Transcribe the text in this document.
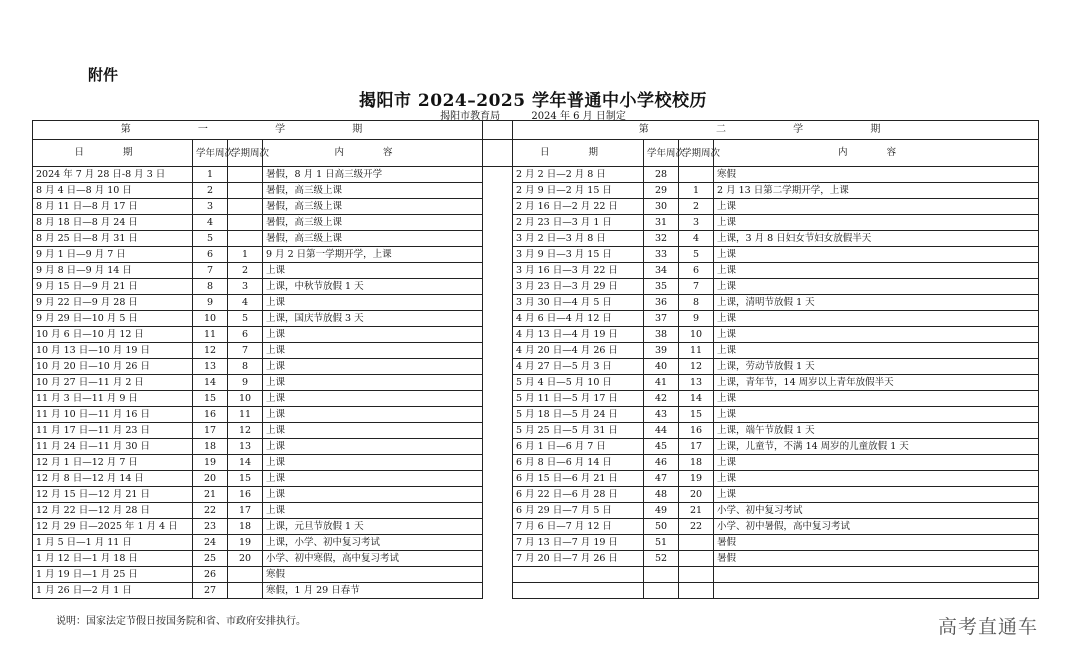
附件
揭阳市 2024–2025 学年普通中小学校校历
揭阳市教育局	2024 年 6 月 日制定
第 一 学 期					第 二 学 期			
日 期	学年周次	学期周次	内 容		日 期	学年周次	学期周次	内 容
2024 年 7 月 28 日-8 月 3 日	1		暑假，8 月 1 日高三级开学		2 月 2 日—2 月 8 日	28		寒假
8 月 4 日—8 月 10 日	2		暑假，高三级上课		2 月 9 日—2 月 15 日	29	1	2 月 13 日第二学期开学，上课
8 月 11 日—8 月 17 日	3		暑假，高三级上课		2 月 16 日—2 月 22 日	30	2	上课
8 月 18 日—8 月 24 日	4		暑假，高三级上课		2 月 23 日—3 月 1 日	31	3	上课
8 月 25 日—8 月 31 日	5		暑假，高三级上课		3 月 2 日—3 月 8 日	32	4	上课，3 月 8 日妇女节妇女放假半天
9 月 1 日—9 月 7 日	6	1	9 月 2 日第一学期开学，上课		3 月 9 日—3 月 15 日	33	5	上课
9 月 8 日—9 月 14 日	7	2	上课		3 月 16 日—3 月 22 日	34	6	上课
9 月 15 日—9 月 21 日	8	3	上课，中秋节放假 1 天		3 月 23 日—3 月 29 日	35	7	上课
9 月 22 日—9 月 28 日	9	4	上课		3 月 30 日—4 月 5 日	36	8	上课，清明节放假 1 天
9 月 29 日—10 月 5 日	10	5	上课，国庆节放假 3 天		4 月 6 日—4 月 12 日	37	9	上课
10 月 6 日—10 月 12 日	11	6	上课		4 月 13 日—4 月 19 日	38	10	上课
10 月 13 日—10 月 19 日	12	7	上课		4 月 20 日—4 月 26 日	39	11	上课
10 月 20 日—10 月 26 日	13	8	上课		4 月 27 日—5 月 3 日	40	12	上课，劳动节放假 1 天
10 月 27 日—11 月 2 日	14	9	上课		5 月 4 日—5 月 10 日	41	13	上课，青年节，14 周岁以上青年放假半天
11 月 3 日—11 月 9 日	15	10	上课		5 月 11 日—5 月 17 日	42	14	上课
11 月 10 日—11 月 16 日	16	11	上课		5 月 18 日—5 月 24 日	43	15	上课
11 月 17 日—11 月 23 日	17	12	上课		5 月 25 日—5 月 31 日	44	16	上课，端午节放假 1 天
11 月 24 日—11 月 30 日	18	13	上课		6 月 1 日—6 月 7 日	45	17	上课，儿童节，不满 14 周岁的儿童放假 1 天
12 月 1 日—12 月 7 日	19	14	上课		6 月 8 日—6 月 14 日	46	18	上课
12 月 8 日—12 月 14 日	20	15	上课		6 月 15 日—6 月 21 日	47	19	上课
12 月 15 日—12 月 21 日	21	16	上课		6 月 22 日—6 月 28 日	48	20	上课
12 月 22 日—12 月 28 日	22	17	上课		6 月 29 日—7 月 5 日	49	21	小学、初中复习考试
12 月 29 日—2025 年 1 月 4 日	23	18	上课，元旦节放假 1 天		7 月 6 日—7 月 12 日	50	22	小学、初中暑假，高中复习考试
1 月 5 日—1 月 11 日	24	19	上课，小学、初中复习考试		7 月 13 日—7 月 19 日	51		暑假
1 月 12 日—1 月 18 日	25	20	小学、初中寒假，高中复习考试		7 月 20 日—7 月 26 日	52		暑假
1 月 19 日—1 月 25 日	26		寒假					
1 月 26 日—2 月 1 日	27		寒假，1 月 29 日春节					
说明：国家法定节假日按国务院和省、市政府安排执行。	高考直通车
